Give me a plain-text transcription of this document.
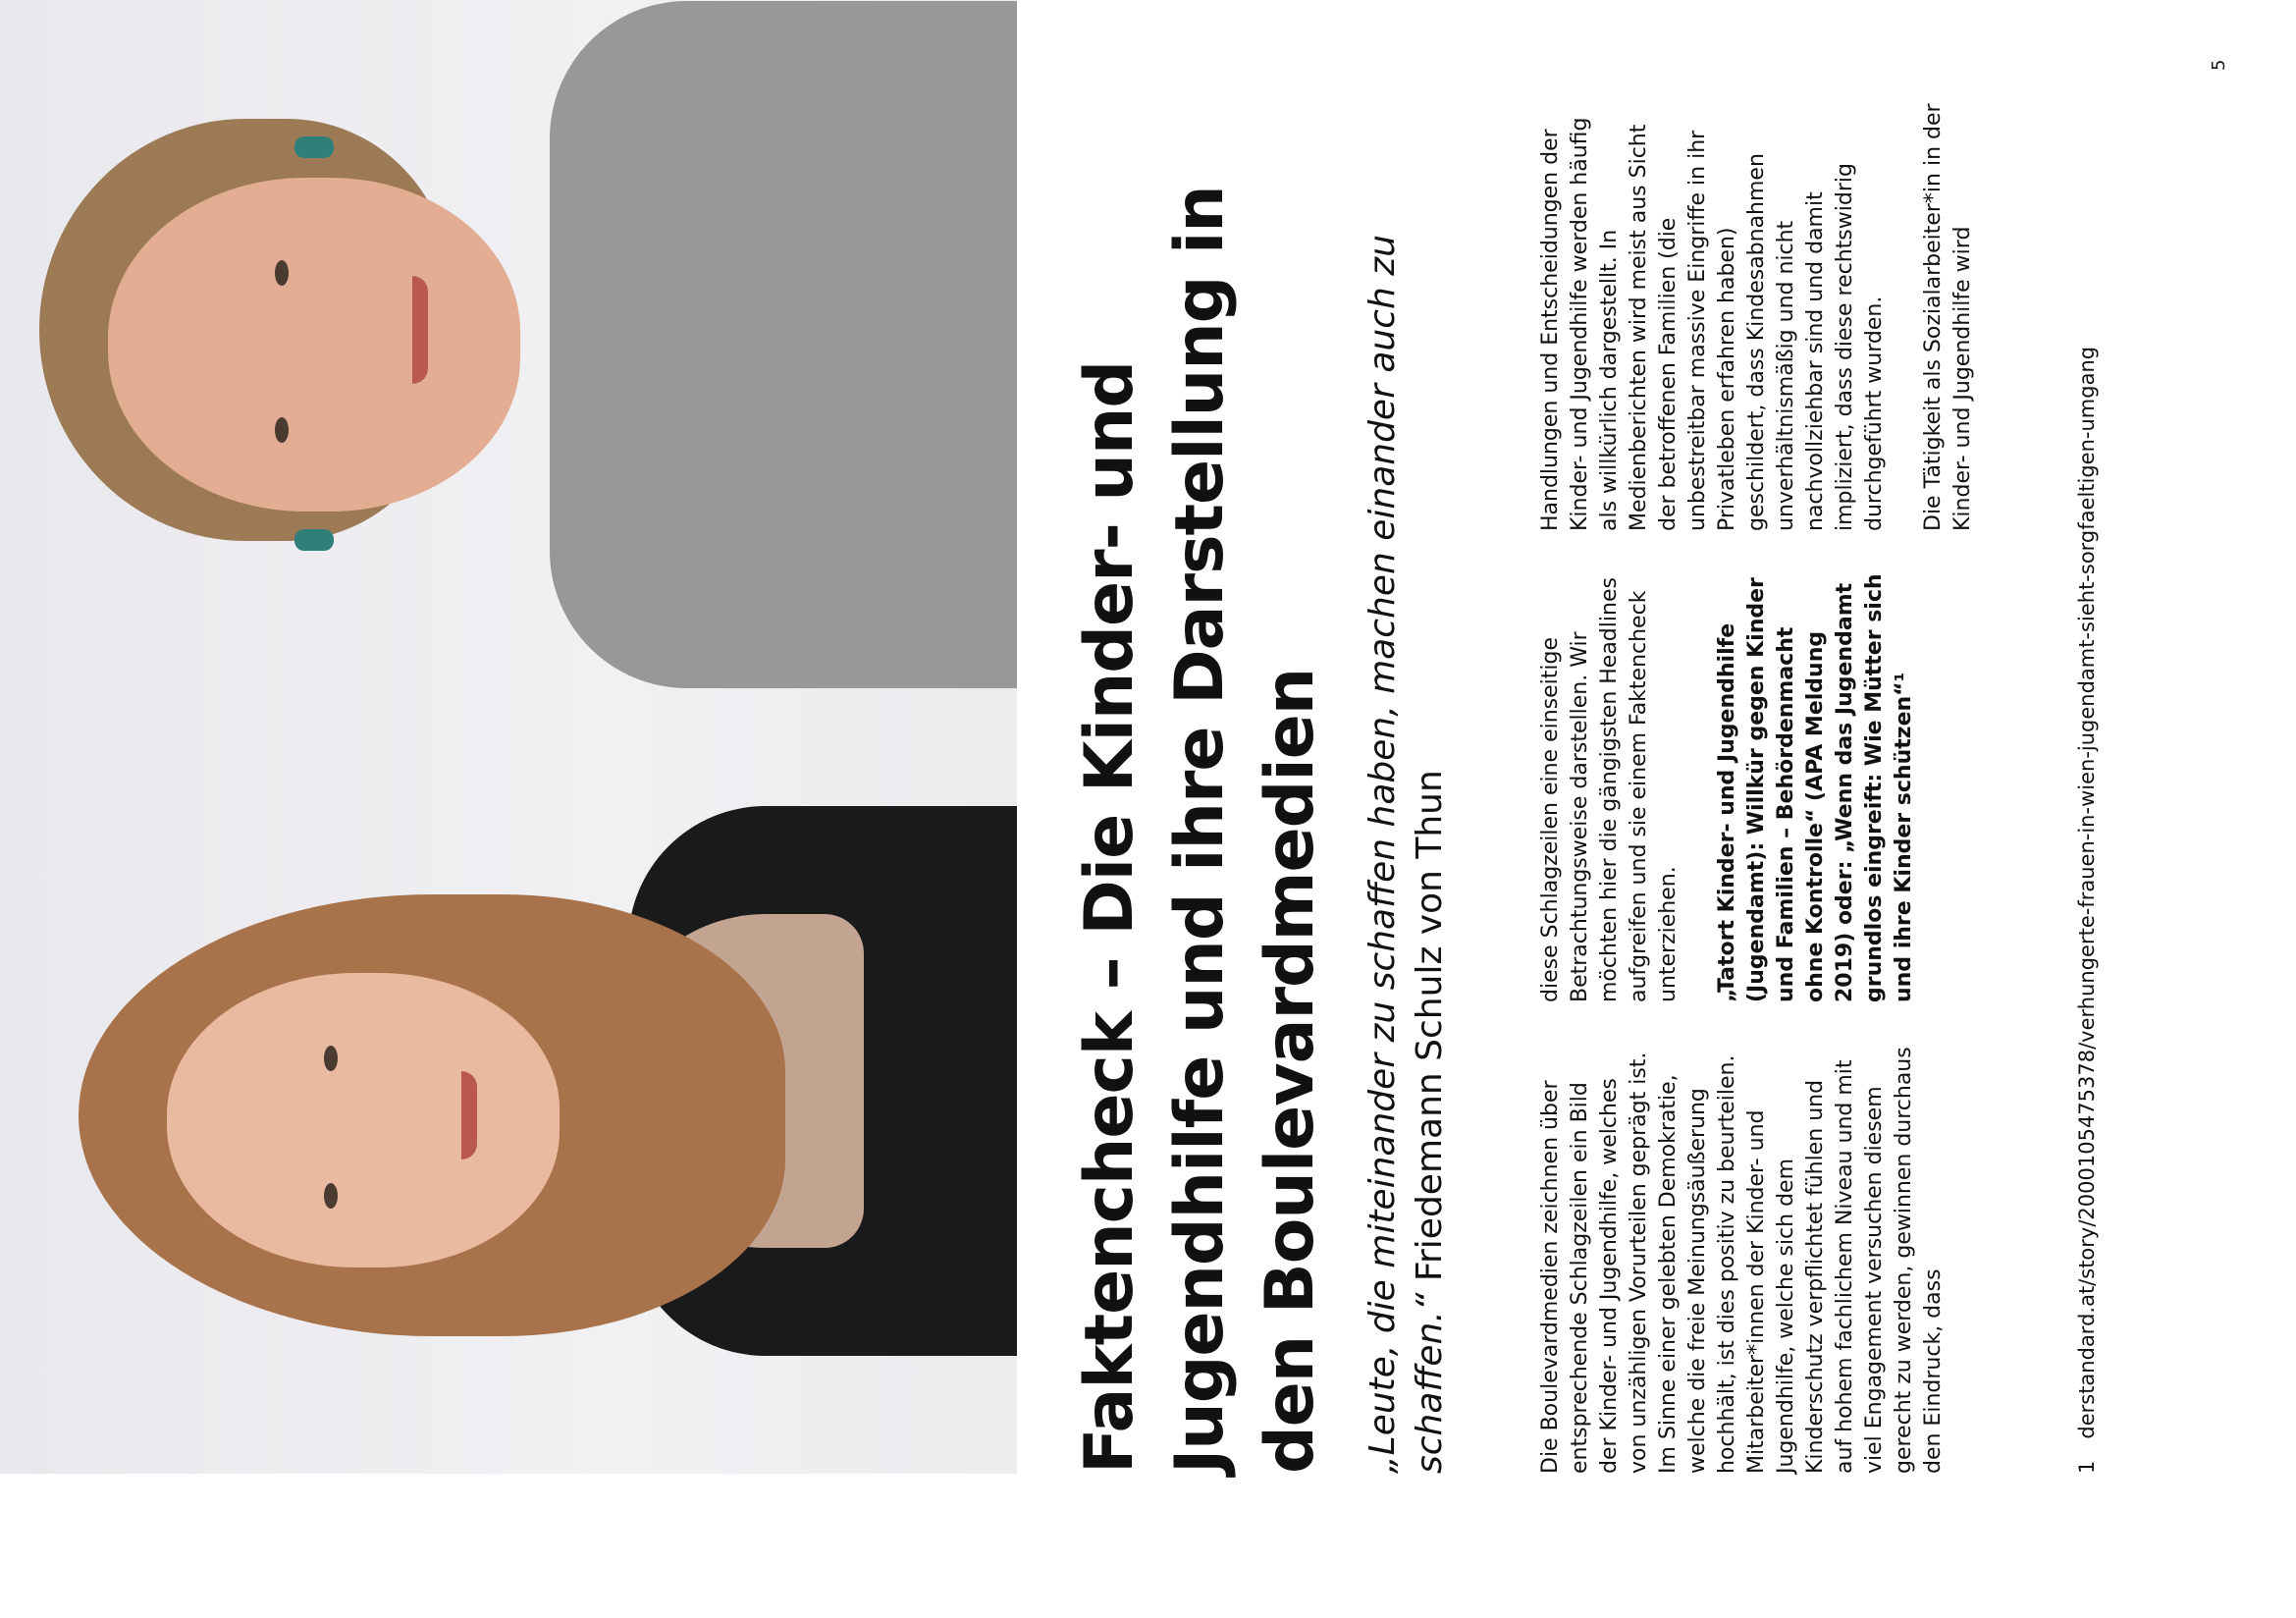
Faktencheck – Die Kinder- und Jugendhilfe und ihre Darstellung in den Boulevardmedien „Leute, die miteinander zu schaffen haben, machen einander auch zu schaffen.“ Friedemann Schulz von Thun	Die Boulevardmedien zeichnen über entsprechende Schlagzeilen ein Bild der Kinder- und Jugendhilfe, welches von unzähligen Vorurteilen geprägt ist. Im Sinne einer gelebten Demokratie, welche die freie Meinungsäußerung hochhält, ist dies positiv zu beurteilen. Mitarbeiter*innen der Kinder- und Jugendhilfe, welche sich dem Kinderschutz verpflichtet fühlen und auf hohem fachlichem Niveau und mit viel Engagement versuchen diesem gerecht zu werden, gewinnen durchaus den Eindruck, dass

diese Schlagzeilen eine einseitige Betrachtungsweise darstellen. Wir möchten hier die gängigsten Headlines aufgreifen und sie einem Faktencheck unterziehen. „Tatort Kinder- und Jugendhilfe (Jugendamt): Willkür gegen Kinder und Familien – Behördenmacht ohne Kontrolle“ (APA Meldung 2019) oder: „Wenn das Jugendamt grundlos eingreift: Wie Mütter sich und ihre Kinder schützen“¹

Handlungen und Entscheidungen der Kinder- und Jugendhilfe werden häufig als willkürlich dargestellt. In Medienberichten wird meist aus Sicht der betroffenen Familien (die unbestreitbar massive Eingriffe in ihr Privatleben erfahren haben) geschildert, dass Kindesabnahmen unverhältnismäßig und nicht nachvollziehbar sind und damit impliziert, dass diese rechtswidrig durchgeführt wurden. Die Tätigkeit als Sozialarbeiter*in in der Kinder- und Jugendhilfe wird

1derstandard.at/story/2000105475378/verhungerte-frauen-in-wien-jugendamt-sieht-sorgfaeltigen-umgang
5
